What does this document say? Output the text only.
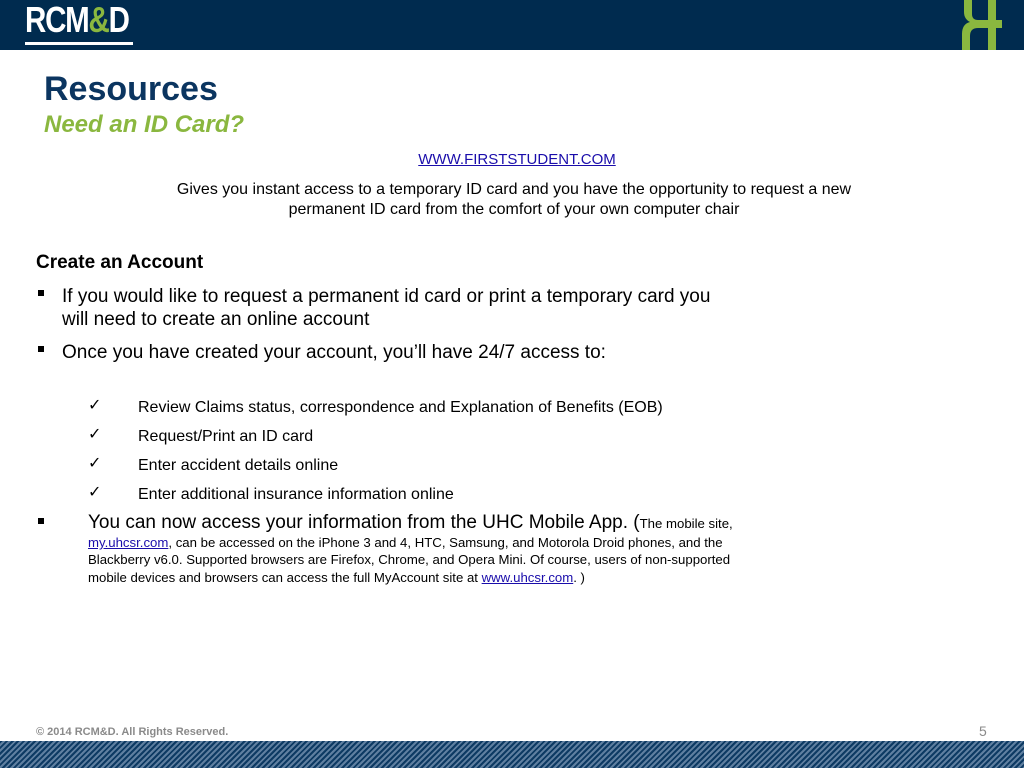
RCM&D
Resources
Need an ID Card?
WWW.FIRSTSTUDENT.COM

Gives you instant access to a temporary ID card and you have the opportunity to request a new permanent ID card from the comfort of your own computer chair

Create an Account
If you would like to request a permanent id card or print a temporary card you will need to create an online account
Once you have created your account, you’ll have 24/7 access to:
✓ Review Claims status, correspondence and Explanation of Benefits (EOB)
✓ Request/Print an ID card
✓ Enter accident details online
✓ Enter additional insurance information online
You can now access your information from the UHC Mobile App. (The mobile site, my.uhcsr.com, can be accessed on the iPhone 3 and 4, HTC, Samsung, and Motorola Droid phones, and the Blackberry v6.0. Supported browsers are Firefox, Chrome, and Opera Mini. Of course, users of non-supported mobile devices and browsers can access the full MyAccount site at www.uhcsr.com. )
© 2014 RCM&D. All Rights Reserved.	5
